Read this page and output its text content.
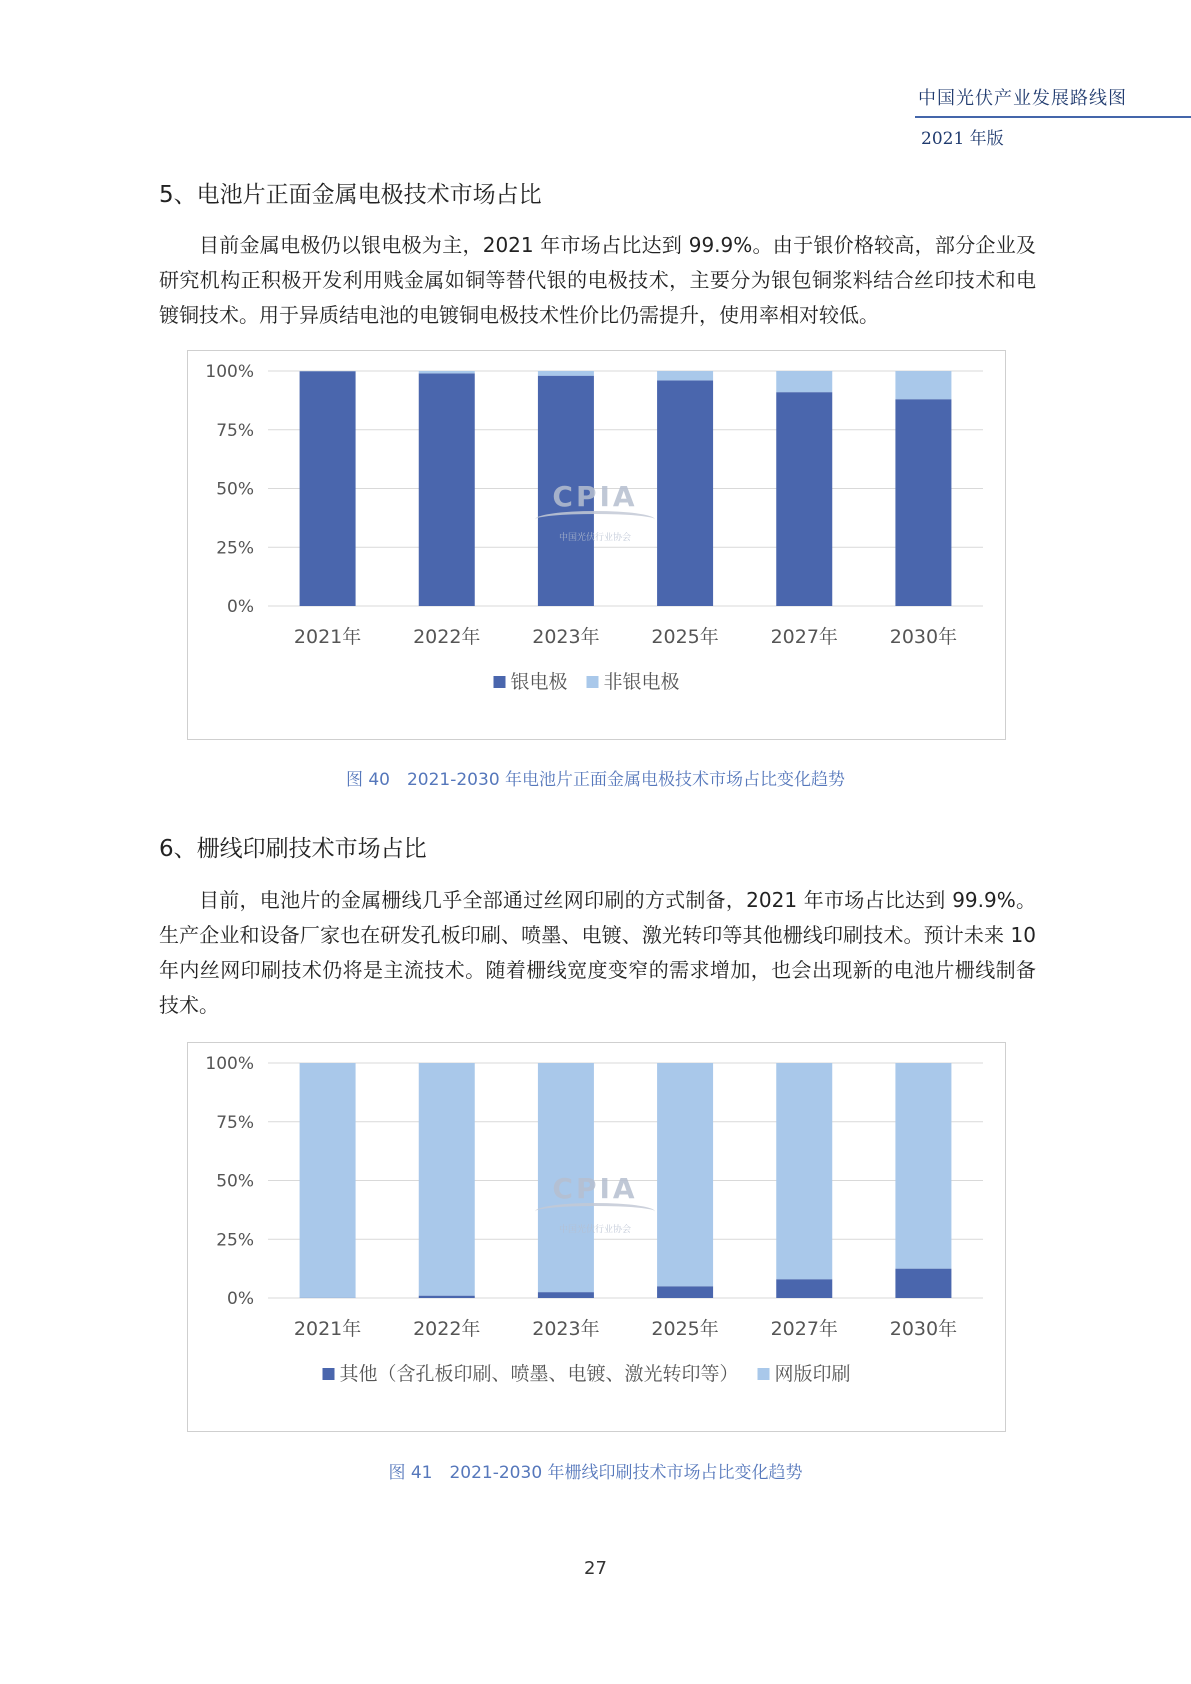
中国光伏产业发展路线图
2021 年版
5、电池片正面金属电极技术市场占比

目前金属电极仍以银电极为主，2021 年市场占比达到 99.9%。由于银价格较高，部分企业及研究机构正积极开发利用贱金属如铜等替代银的电极技术，主要分为银包铜浆料结合丝印技术和电镀铜技术。用于异质结电池的电镀铜电极技术性价比仍需提升，使用率相对较低。

0%
25%
50%
75%
100%
2021年	2022年	2023年	2025年	2027年	2030年
银电极 非银电极
CPIA
中国光伏行业协会
图 40　2021-2030 年电池片正面金属电极技术市场占比变化趋势
6、栅线印刷技术市场占比

目前，电池片的金属栅线几乎全部通过丝网印刷的方式制备，2021 年市场占比达到 99.9%。生产企业和设备厂家也在研发孔板印刷、喷墨、电镀、激光转印等其他栅线印刷技术。预计未来 10 年内丝网印刷技术仍将是主流技术。随着栅线宽度变窄的需求增加，也会出现新的电池片栅线制备技术。

0%
25%
50%
75%
100%
2021年	2022年	2023年	2025年	2027年	2030年
其他（含孔板印刷、喷墨、电镀、激光转印等） 网版印刷
CPIA
中国光伏行业协会
图 41　2021-2030 年栅线印刷技术市场占比变化趋势
27
